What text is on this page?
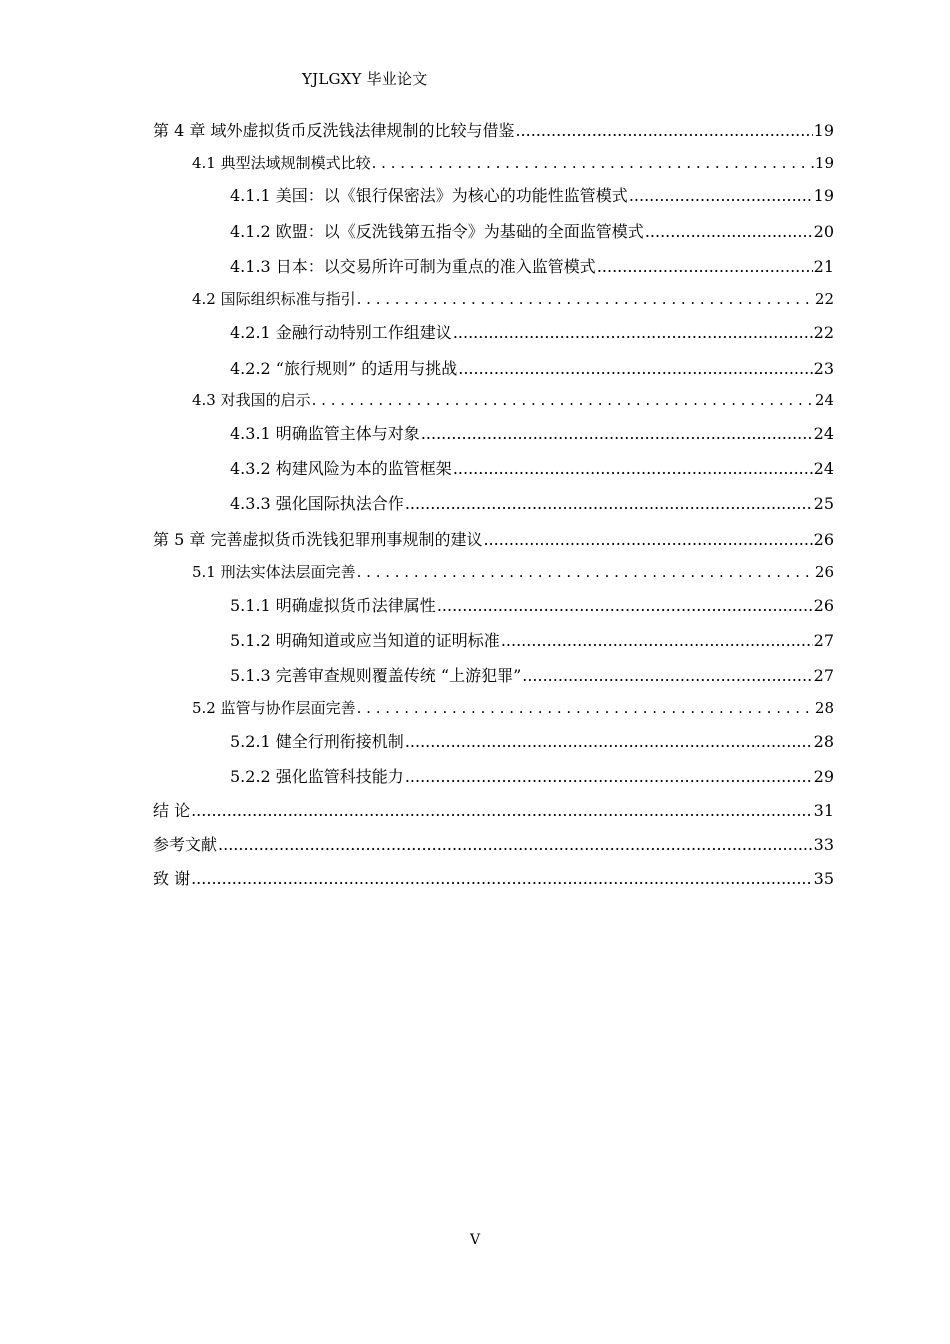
YJLGXY 毕业论文
第 4 章 域外虚拟货币反洗钱法律规制的比较与借鉴 .....	19
4.1 典型法域规制模式比较 . . .	19
4.1.1 美国：以《银行保密法》为核心的功能性监管模式 .....	19
4.1.2 欧盟：以《反洗钱第五指令》为基础的全面监管模式 .....	20
4.1.3 日本：以交易所许可制为重点的准入监管模式 .....	21
4.2 国际组织标准与指引 . . .	22
4.2.1 金融行动特别工作组建议 .....	22
4.2.2 “旅行规则” 的适用与挑战 .....	23
4.3 对我国的启示 . . .	24
4.3.1 明确监管主体与对象 .....	24
4.3.2 构建风险为本的监管框架 .....	24
4.3.3 强化国际执法合作 .....	25
第 5 章 完善虚拟货币洗钱犯罪刑事规制的建议 .....	26
5.1 刑法实体法层面完善 . . .	26
5.1.1 明确虚拟货币法律属性 .....	26
5.1.2 明确知道或应当知道的证明标准 .....	27
5.1.3 完善审查规则覆盖传统 “上游犯罪” .....	27
5.2 监管与协作层面完善 . . .	28
5.2.1 健全行刑衔接机制 .....	28
5.2.2 强化监管科技能力 .....	29
结 论 .....	31
参考文献 .....	33
致 谢 .....	35
V
